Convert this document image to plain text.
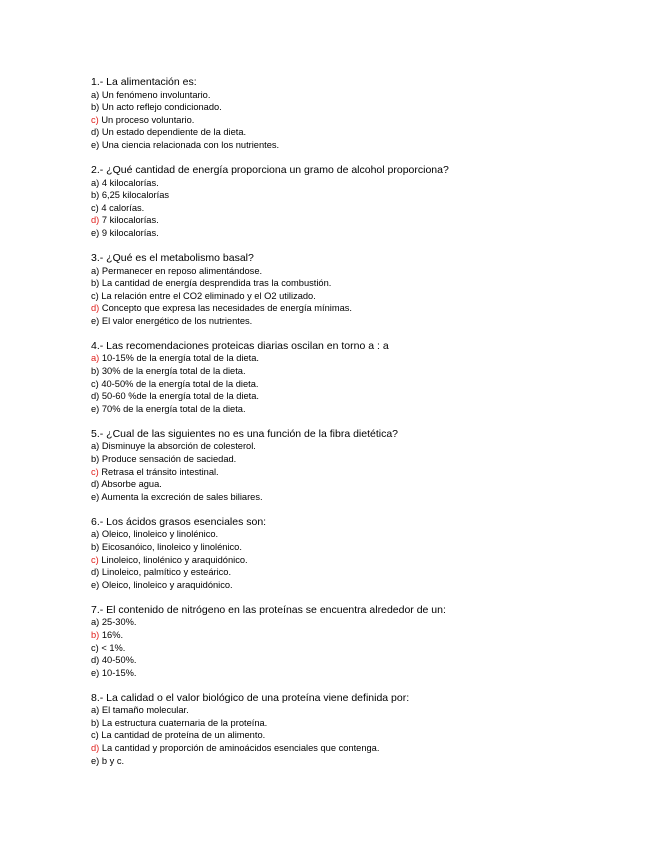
1.- La alimentación es:
a) Un fenómeno involuntario.
b) Un acto reflejo condicionado.
c) Un proceso voluntario.
d) Un estado dependiente de la dieta.
e) Una ciencia relacionada con los nutrientes.
2.- ¿Qué cantidad de energía proporciona un gramo de alcohol proporciona?
a) 4 kilocalorías.
b) 6,25 kilocalorías
c) 4 calorías.
d) 7 kilocalorías.
e) 9 kilocalorías.
3.- ¿Qué es el metabolismo basal?
a) Permanecer en reposo alimentándose.
b) La cantidad de energía desprendida tras la combustión.
c) La relación entre el CO2 eliminado y el O2 utilizado.
d) Concepto que expresa las necesidades de energía mínimas.
e) El valor energético de los nutrientes.
4.- Las recomendaciones proteicas diarias oscilan en torno a : a
a) 10-15% de la energía total de la dieta.
b) 30% de la energía total de la dieta.
c) 40-50% de la energía total de la dieta.
d) 50-60 %de la energía total de la dieta.
e) 70% de la energía total de la dieta.
5.- ¿Cual de las siguientes no es una función de la fibra dietética?
a) Disminuye la absorción de colesterol.
b) Produce sensación de saciedad.
c) Retrasa el tránsito intestinal.
d) Absorbe agua.
e) Aumenta la excreción de sales biliares.
6.- Los ácidos grasos esenciales son:
a) Oleico, linoleico y linolénico.
b) Eicosanóico, linoleico y linolénico.
c) Linoleico, linolénico y araquidónico.
d) Linoleico, palmítico y esteárico.
e) Oleico, linoleico y araquidónico.
7.- El contenido de nitrógeno en las proteínas se encuentra alrededor de un:
a) 25-30%.
b) 16%.
c) < 1%.
d) 40-50%.
e) 10-15%.
8.- La calidad o el valor biológico de una proteína viene definida por:
a) El tamaño molecular.
b) La estructura cuaternaria de la proteína.
c) La cantidad de proteína de un alimento.
d) La cantidad y proporción de aminoácidos esenciales que contenga.
e) b y c.
